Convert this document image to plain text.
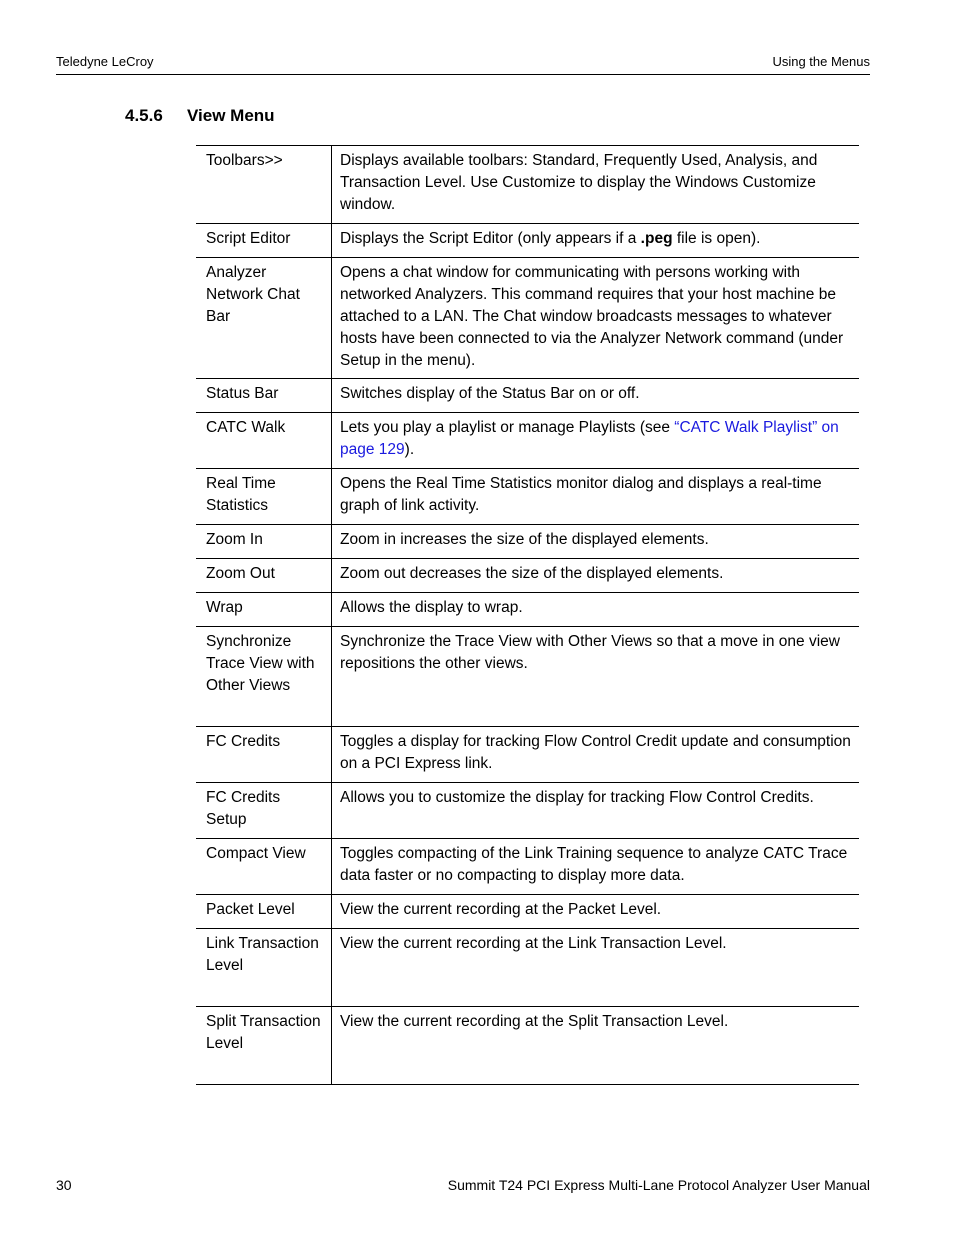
Teledyne LeCroy	Using the Menus
4.5.6 View Menu
Toolbars>>	Displays available toolbars: Standard, Frequently Used, Analysis, and Transaction Level. Use Customize to display the Windows Customize window.
Script Editor	Displays the Script Editor (only appears if a .peg file is open).
Analyzer Network Chat Bar	Opens a chat window for communicating with persons working with networked Analyzers. This command requires that your host machine be attached to a LAN. The Chat window broadcasts messages to whatever hosts have been connected to via the Analyzer Network command (under Setup in the menu).
Status Bar	Switches display of the Status Bar on or off.
CATC Walk	Lets you play a playlist or manage Playlists (see “CATC Walk Playlist” on page 129).
Real Time Statistics	Opens the Real Time Statistics monitor dialog and displays a real-time graph of link activity.
Zoom In	Zoom in increases the size of the displayed elements.
Zoom Out	Zoom out decreases the size of the displayed elements.
Wrap	Allows the display to wrap.
Synchronize Trace View with Other Views	Synchronize the Trace View with Other Views so that a move in one view repositions the other views.
FC Credits	Toggles a display for tracking Flow Control Credit update and consumption on a PCI Express link.
FC Credits Setup	Allows you to customize the display for tracking Flow Control Credits.
Compact View	Toggles compacting of the Link Training sequence to analyze CATC Trace data faster or no compacting to display more data.
Packet Level	View the current recording at the Packet Level.
Link Transaction Level	View the current recording at the Link Transaction Level.
Split Transaction Level	View the current recording at the Split Transaction Level.
30	Summit T24 PCI Express Multi-Lane Protocol Analyzer User Manual
